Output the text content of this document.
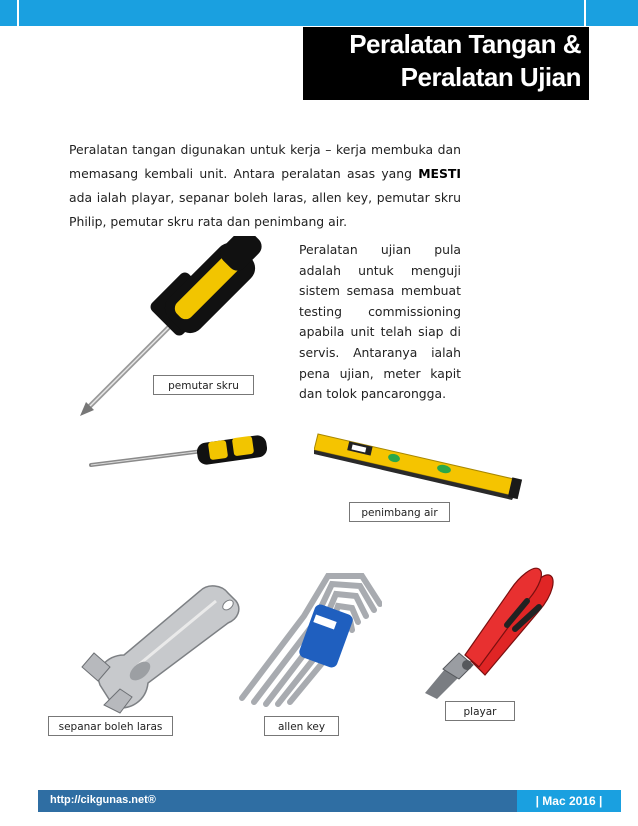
Peralatan Tangan &
Peralatan Ujian
Peralatan tangan digunakan untuk kerja – kerja membuka dan memasang kembali unit. Antara peralatan asas yang MESTI ada ialah playar, sepanar boleh laras, allen key, pemutar skru Philip, pemutar skru rata dan penimbang air.
pemutar skru
Peralatan ujian pula adalah untuk menguji sistem semasa membuat testing commissioning apabila unit telah siap di servis. Antaranya ialah pena ujian, meter kapit dan tolok pancarongga.
penimbang air
sepanar boleh laras	allen key
playar
http://cikgunas.net®	| Mac 2016 |
